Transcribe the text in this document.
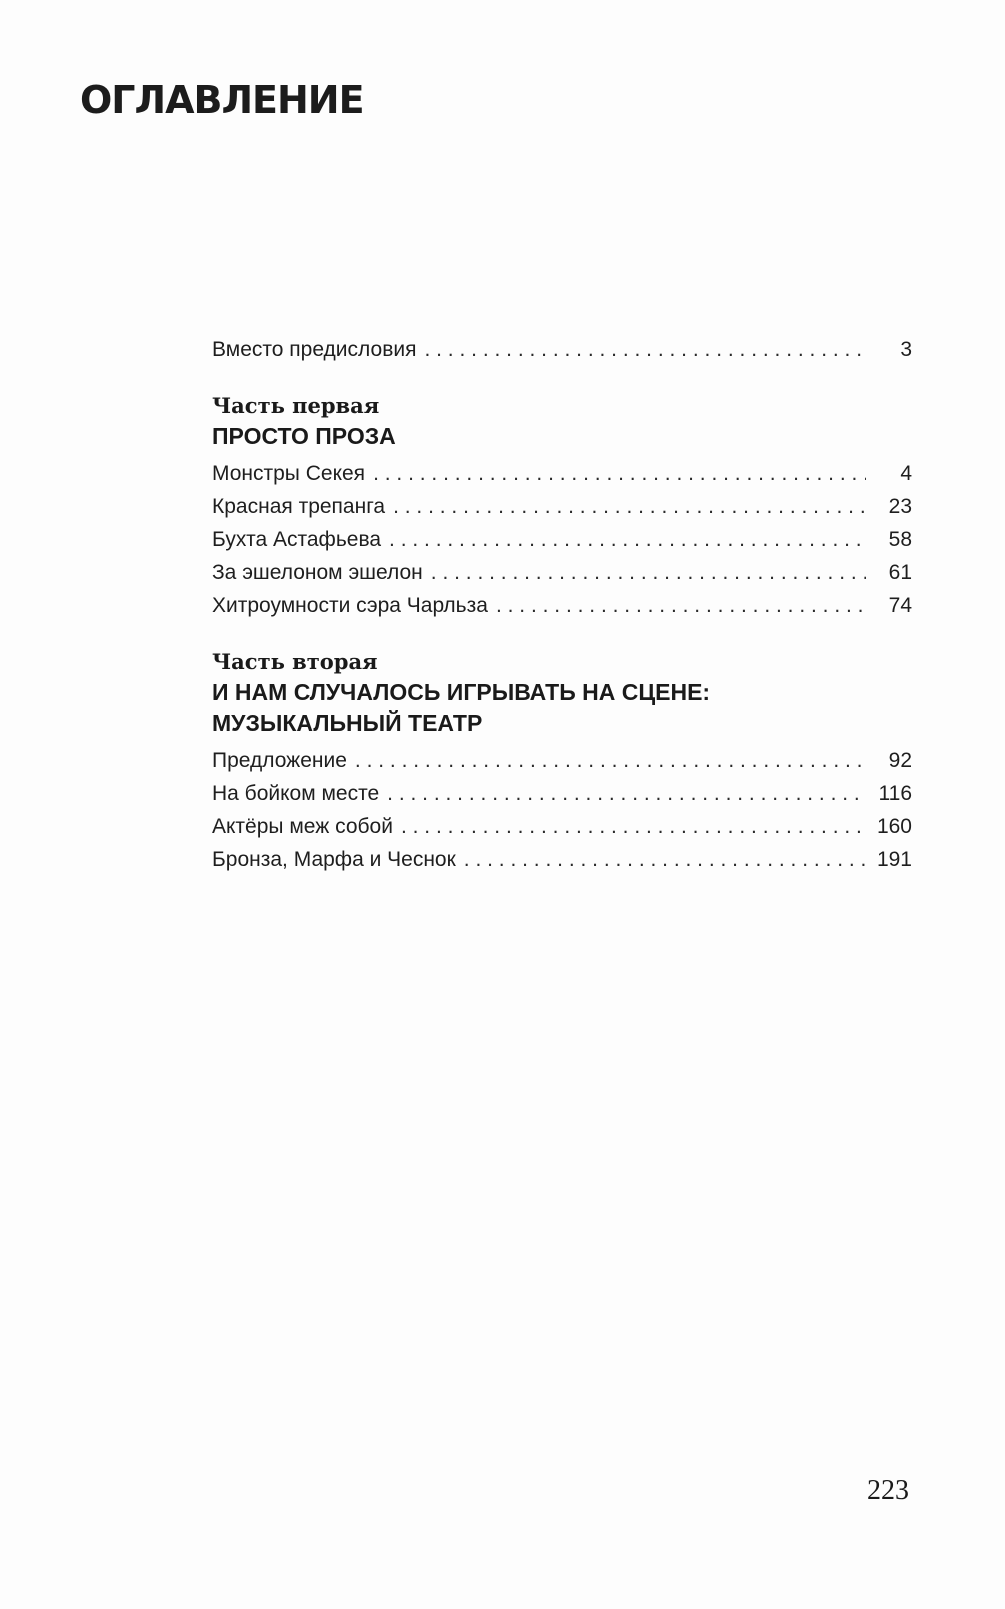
ОГЛАВЛЕНИЕ
Вместо предисловия . . .	3
Часть первая
ПРОСТО ПРОЗА
Монстры Секея . . .	4
Красная трепанга . . .	23
Бухта Астафьева . . .	58
За эшелоном эшелон . . .	61
Хитроумности сэра Чарльза . . .	74
Часть вторая
И НАМ СЛУЧАЛОСЬ ИГРЫВАТЬ НА СЦЕНЕ:
МУЗЫКАЛЬНЫЙ ТЕАТР
Предложение . . .	92
На бойком месте . . .	116
Актёры меж собой . . .	160
Бронза, Марфа и Чеснок . . .	191
223
